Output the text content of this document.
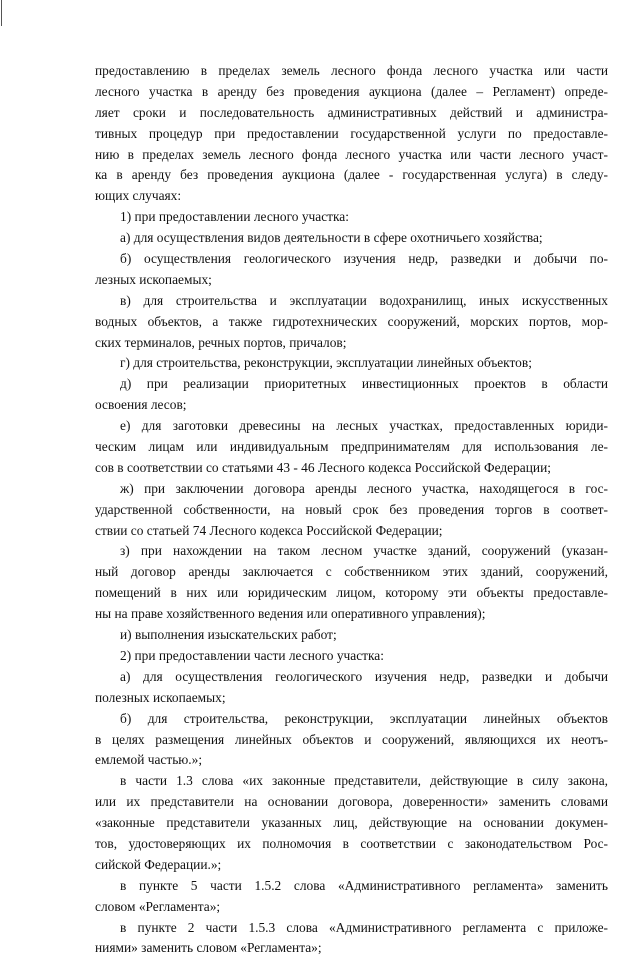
предоставлению в пределах земель лесного фонда лесного участка или части
лесного участка в аренду без проведения аукциона (далее – Регламент) опреде-
ляет сроки и последовательность административных действий и администра-
тивных процедур при предоставлении государственной услуги по предоставле-
нию в пределах земель лесного фонда лесного участка или части лесного участ-
ка в аренду без проведения аукциона (далее - государственная услуга) в следу-
ющих случаях:
1) при предоставлении лесного участка:
а) для осуществления видов деятельности в сфере охотничьего хозяйства;
б) осуществления геологического изучения недр, разведки и добычи по-
лезных ископаемых;
в) для строительства и эксплуатации водохранилищ, иных искусственных
водных объектов, а также гидротехнических сооружений, морских портов, мор-
ских терминалов, речных портов, причалов;
г) для строительства, реконструкции, эксплуатации линейных объектов;
д) при реализации приоритетных инвестиционных проектов в области
освоения лесов;
е) для заготовки древесины на лесных участках, предоставленных юриди-
ческим лицам или индивидуальным предпринимателям для использования ле-
сов в соответствии со статьями 43 - 46 Лесного кодекса Российской Федерации;
ж) при заключении договора аренды лесного участка, находящегося в гос-
ударственной собственности, на новый срок без проведения торгов в соответ-
ствии со статьей 74 Лесного кодекса Российской Федерации;
з) при нахождении на таком лесном участке зданий, сооружений (указан-
ный договор аренды заключается с собственником этих зданий, сооружений,
помещений в них или юридическим лицом, которому эти объекты предоставле-
ны на праве хозяйственного ведения или оперативного управления);
и) выполнения изыскательских работ;
2) при предоставлении части лесного участка:
а) для осуществления геологического изучения недр, разведки и добычи
полезных ископаемых;
б) для строительства, реконструкции, эксплуатации линейных объектов
в целях размещения линейных объектов и сооружений, являющихся их неотъ-
емлемой частью.»;
в части 1.3 слова «их законные представители, действующие в силу закона,
или их представители на основании договора, доверенности» заменить словами
«законные представители указанных лиц, действующие на основании докумен-
тов, удостоверяющих их полномочия в соответствии с законодательством Рос-
сийской Федерации.»;
в пункте 5 части 1.5.2 слова «Административного регламента» заменить
словом «Регламента»;
в пункте 2 части 1.5.3 слова «Административного регламента с приложе-
ниями» заменить словом «Регламента»;
